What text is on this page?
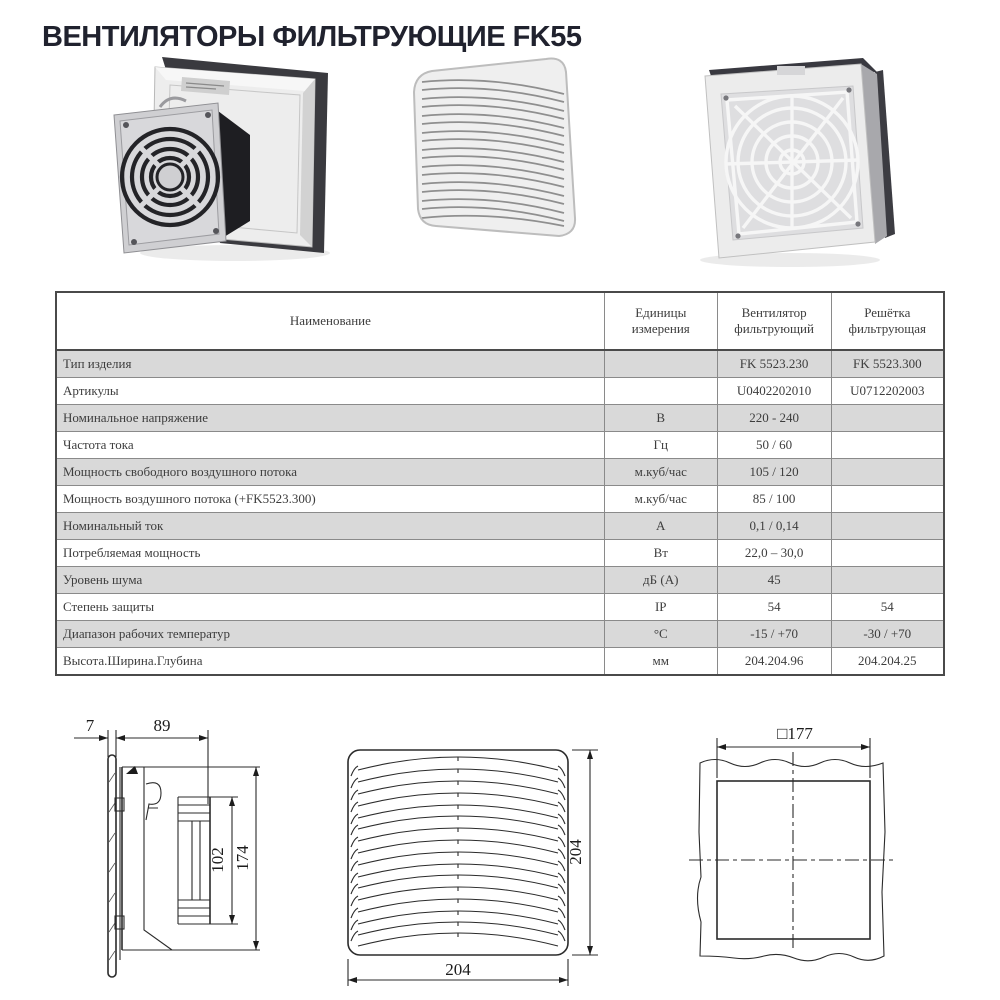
ВЕНТИЛЯТОРЫ ФИЛЬТРУЮЩИЕ FK55
Наименование	Единицы измерения	Вентилятор фильтрующий	Решётка фильтрующая
Тип изделия		FK 5523.230	FK 5523.300
Артикулы		U0402202010	U0712202003
Номинальное напряжение	В	220 - 240	
Частота тока	Гц	50 / 60	
Мощность свободного воздушного потока	м.куб/час	105 / 120	
Мощность воздушного потока (+FK5523.300)	м.куб/час	85 / 100	
Номинальный ток	А	0,1 / 0,14	
Потребляемая мощность	Вт	22,0 – 30,0	
Уровень шума	дБ (А)	45	
Степень защиты	IP	54	54
Диапазон рабочих температур	°С	-15 / +70	-30 / +70
Высота.Ширина.Глубина	мм	204.204.96	204.204.25
7	89
102 174	204
204
□177
